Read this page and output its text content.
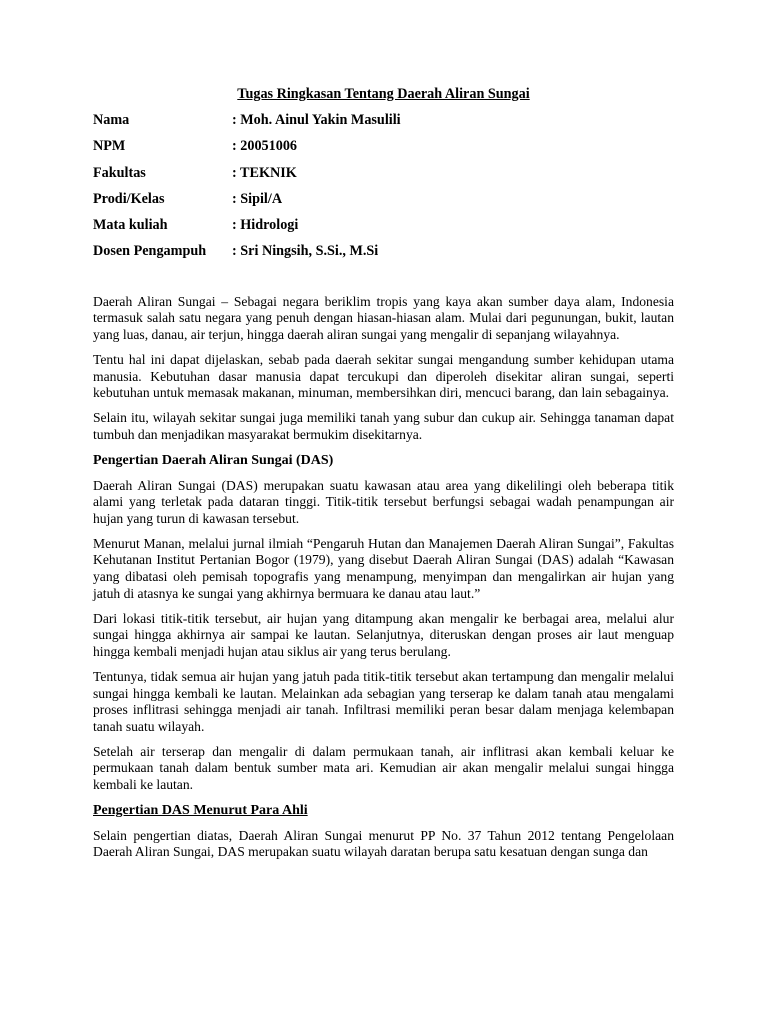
Tugas Ringkasan Tentang Daerah Aliran Sungai
Nama	: Moh. Ainul Yakin Masulili
NPM	: 20051006
Fakultas	: TEKNIK
Prodi/Kelas	: Sipil/A
Mata kuliah	: Hidrologi
Dosen Pengampuh	: Sri Ningsih, S.Si., M.Si

Daerah Aliran Sungai – Sebagai negara beriklim tropis yang kaya akan sumber daya alam, Indonesia termasuk salah satu negara yang penuh dengan hiasan-hiasan alam. Mulai dari pegunungan, bukit, lautan yang luas, danau, air terjun, hingga daerah aliran sungai yang mengalir di sepanjang wilayahnya.

Tentu hal ini dapat dijelaskan, sebab pada daerah sekitar sungai mengandung sumber kehidupan utama manusia. Kebutuhan dasar manusia dapat tercukupi dan diperoleh disekitar aliran sungai, seperti kebutuhan untuk memasak makanan, minuman, membersihkan diri, mencuci barang, dan lain sebagainya.

Selain itu, wilayah sekitar sungai juga memiliki tanah yang subur dan cukup air. Sehingga tanaman dapat tumbuh dan menjadikan masyarakat bermukim disekitarnya.

Pengertian Daerah Aliran Sungai (DAS)

Daerah Aliran Sungai (DAS) merupakan suatu kawasan atau area yang dikelilingi oleh beberapa titik alami yang terletak pada dataran tinggi. Titik-titik tersebut berfungsi sebagai wadah penampungan air hujan yang turun di kawasan tersebut.

Menurut Manan, melalui jurnal ilmiah “Pengaruh Hutan dan Manajemen Daerah Aliran Sungai”, Fakultas Kehutanan Institut Pertanian Bogor (1979), yang disebut Daerah Aliran Sungai (DAS) adalah “Kawasan yang dibatasi oleh pemisah topografis yang menampung, menyimpan dan mengalirkan air hujan yang jatuh di atasnya ke sungai yang akhirnya bermuara ke danau atau laut.”

Dari lokasi titik-titik tersebut, air hujan yang ditampung akan mengalir ke berbagai area, melalui alur sungai hingga akhirnya air sampai ke lautan. Selanjutnya, diteruskan dengan proses air laut menguap hingga kembali menjadi hujan atau siklus air yang terus berulang.

Tentunya, tidak semua air hujan yang jatuh pada titik-titik tersebut akan tertampung dan mengalir melalui sungai hingga kembali ke lautan. Melainkan ada sebagian yang terserap ke dalam tanah atau mengalami proses inflitrasi sehingga menjadi air tanah. Infiltrasi memiliki peran besar dalam menjaga kelembapan tanah suatu wilayah.

Setelah air terserap dan mengalir di dalam permukaan tanah, air inflitrasi akan kembali keluar ke permukaan tanah dalam bentuk sumber mata ari. Kemudian air akan mengalir melalui sungai hingga kembali ke lautan.

Pengertian DAS Menurut Para Ahli

Selain pengertian diatas, Daerah Aliran Sungai menurut PP No. 37 Tahun 2012 tentang Pengelolaan Daerah Aliran Sungai, DAS merupakan suatu wilayah daratan berupa satu kesatuan dengan sunga dan
